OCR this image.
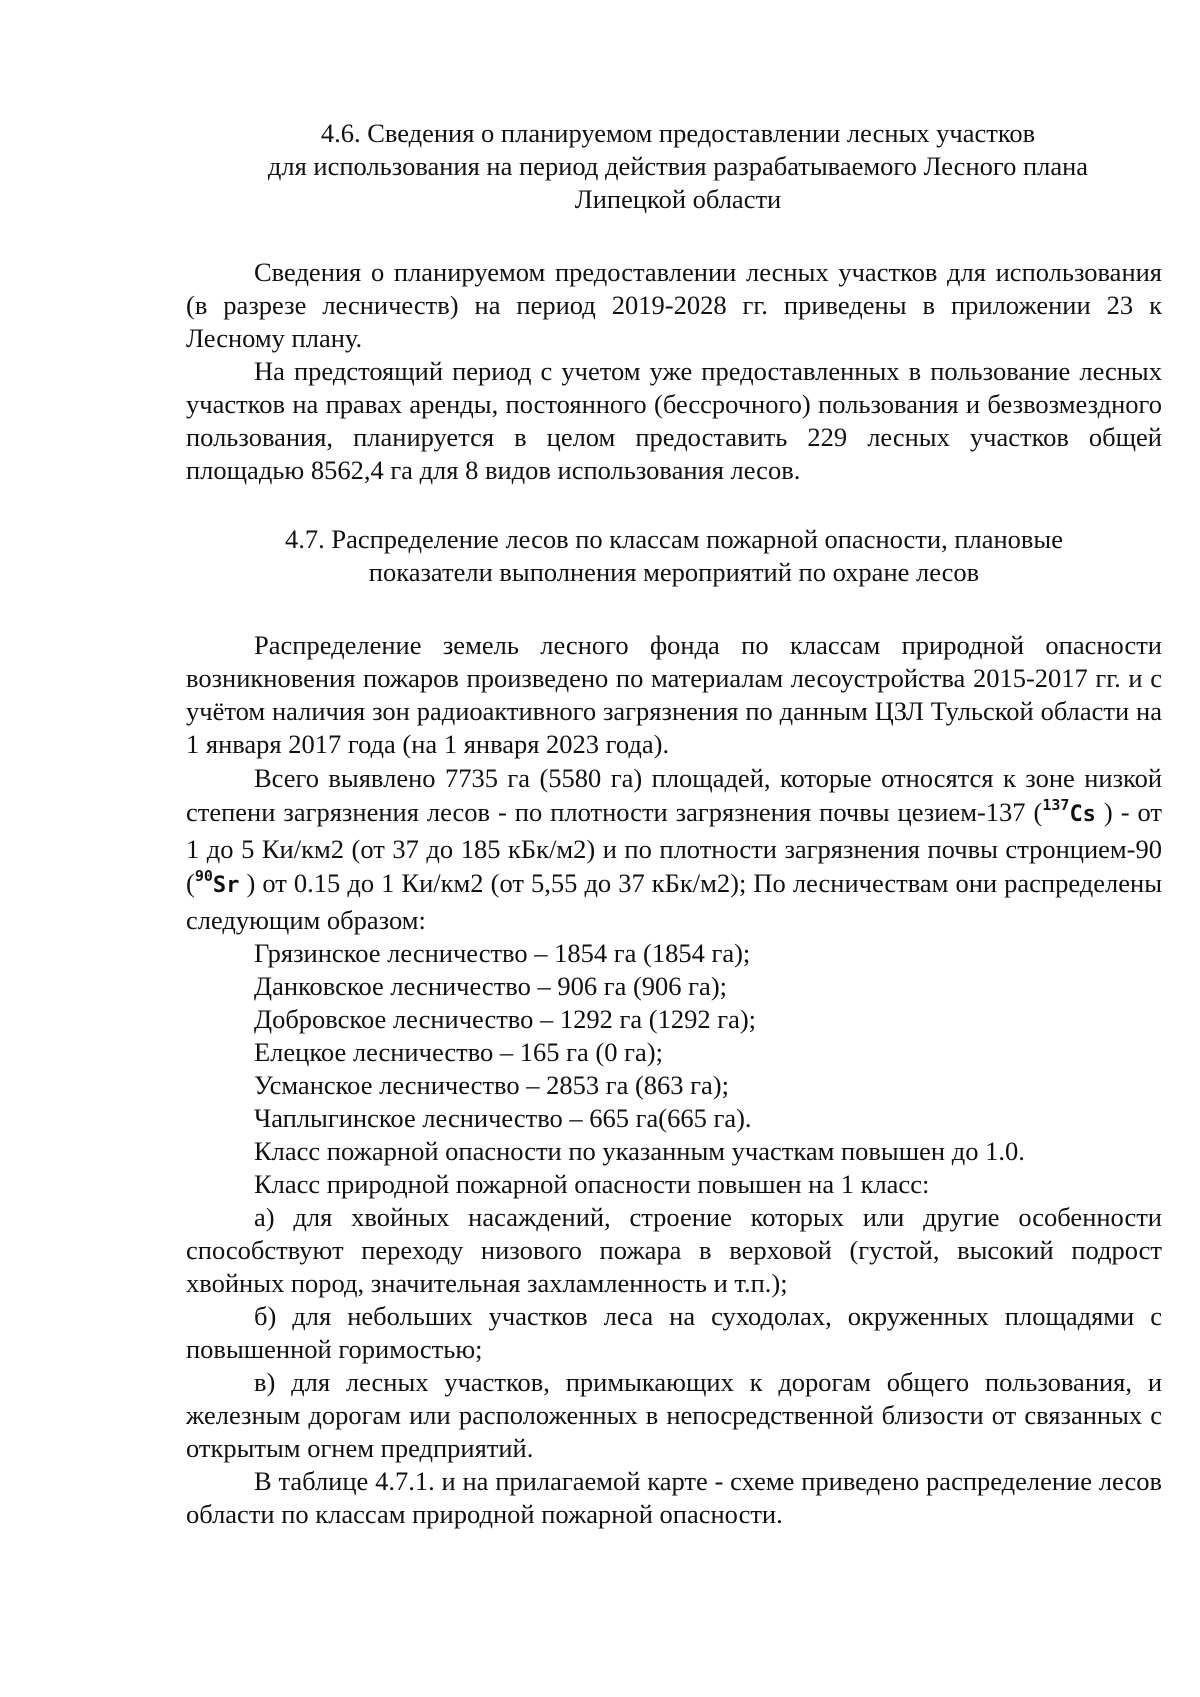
4.6. Сведения о планируемом предоставлении лесных участков
для использования на период действия разрабатываемого Лесного плана
Липецкой области

Сведения о планируемом предоставлении лесных участков для использования (в разрезе лесничеств) на период 2019-2028 гг. приведены в приложении 23 к Лесному плану.

На предстоящий период с учетом уже предоставленных в пользование лесных участков на правах аренды, постоянного (бессрочного) пользования и безвозмездного пользования, планируется в целом предоставить 229 лесных участков общей площадью 8562,4 га для 8 видов использования лесов.

4.7. Распределение лесов по классам пожарной опасности, плановые
показатели выполнения мероприятий по охране лесов

Распределение земель лесного фонда по классам природной опасности возникновения пожаров произведено по материалам лесоустройства 2015-2017 гг. и с учётом наличия зон радиоактивного загрязнения по данным ЦЗЛ Тульской области на 1 января 2017 года (на 1 января 2023 года).

Всего выявлено 7735 га (5580 га) площадей, которые относятся к зоне низкой степени загрязнения лесов - по плотности загрязнения почвы цезием-137 ($^{137}$Cs ) - от 1 до 5 Ки/км2 (от 37 до 185 кБк/м2) и по плотности загрязнения почвы стронцием-90 ($^{90}$Sr ) от 0.15 до 1 Ки/км2 (от 5,55 до 37 кБк/м2); По лесничествам они распределены следующим образом:

Грязинское лесничество – 1854 га (1854 га);
Данковское лесничество – 906 га (906 га);
Добровское лесничество – 1292 га (1292 га);
Елецкое лесничество – 165 га (0 га);
Усманское лесничество – 2853 га (863 га);
Чаплыгинское лесничество – 665 га(665 га).
Класс пожарной опасности по указанным участкам повышен до 1.0.
Класс природной пожарной опасности повышен на 1 класс:

а) для хвойных насаждений, строение которых или другие особенности способствуют переходу низового пожара в верховой (густой, высокий подрост хвойных пород, значительная захламленность и т.п.);

б) для небольших участков леса на суходолах, окруженных площадями с повышенной горимостью;

в) для лесных участков, примыкающих к дорогам общего пользования, и железным дорогам или расположенных в непосредственной близости от связанных с открытым огнем предприятий.

В таблице 4.7.1. и на прилагаемой карте - схеме приведено распределение лесов области по классам природной пожарной опасности.
